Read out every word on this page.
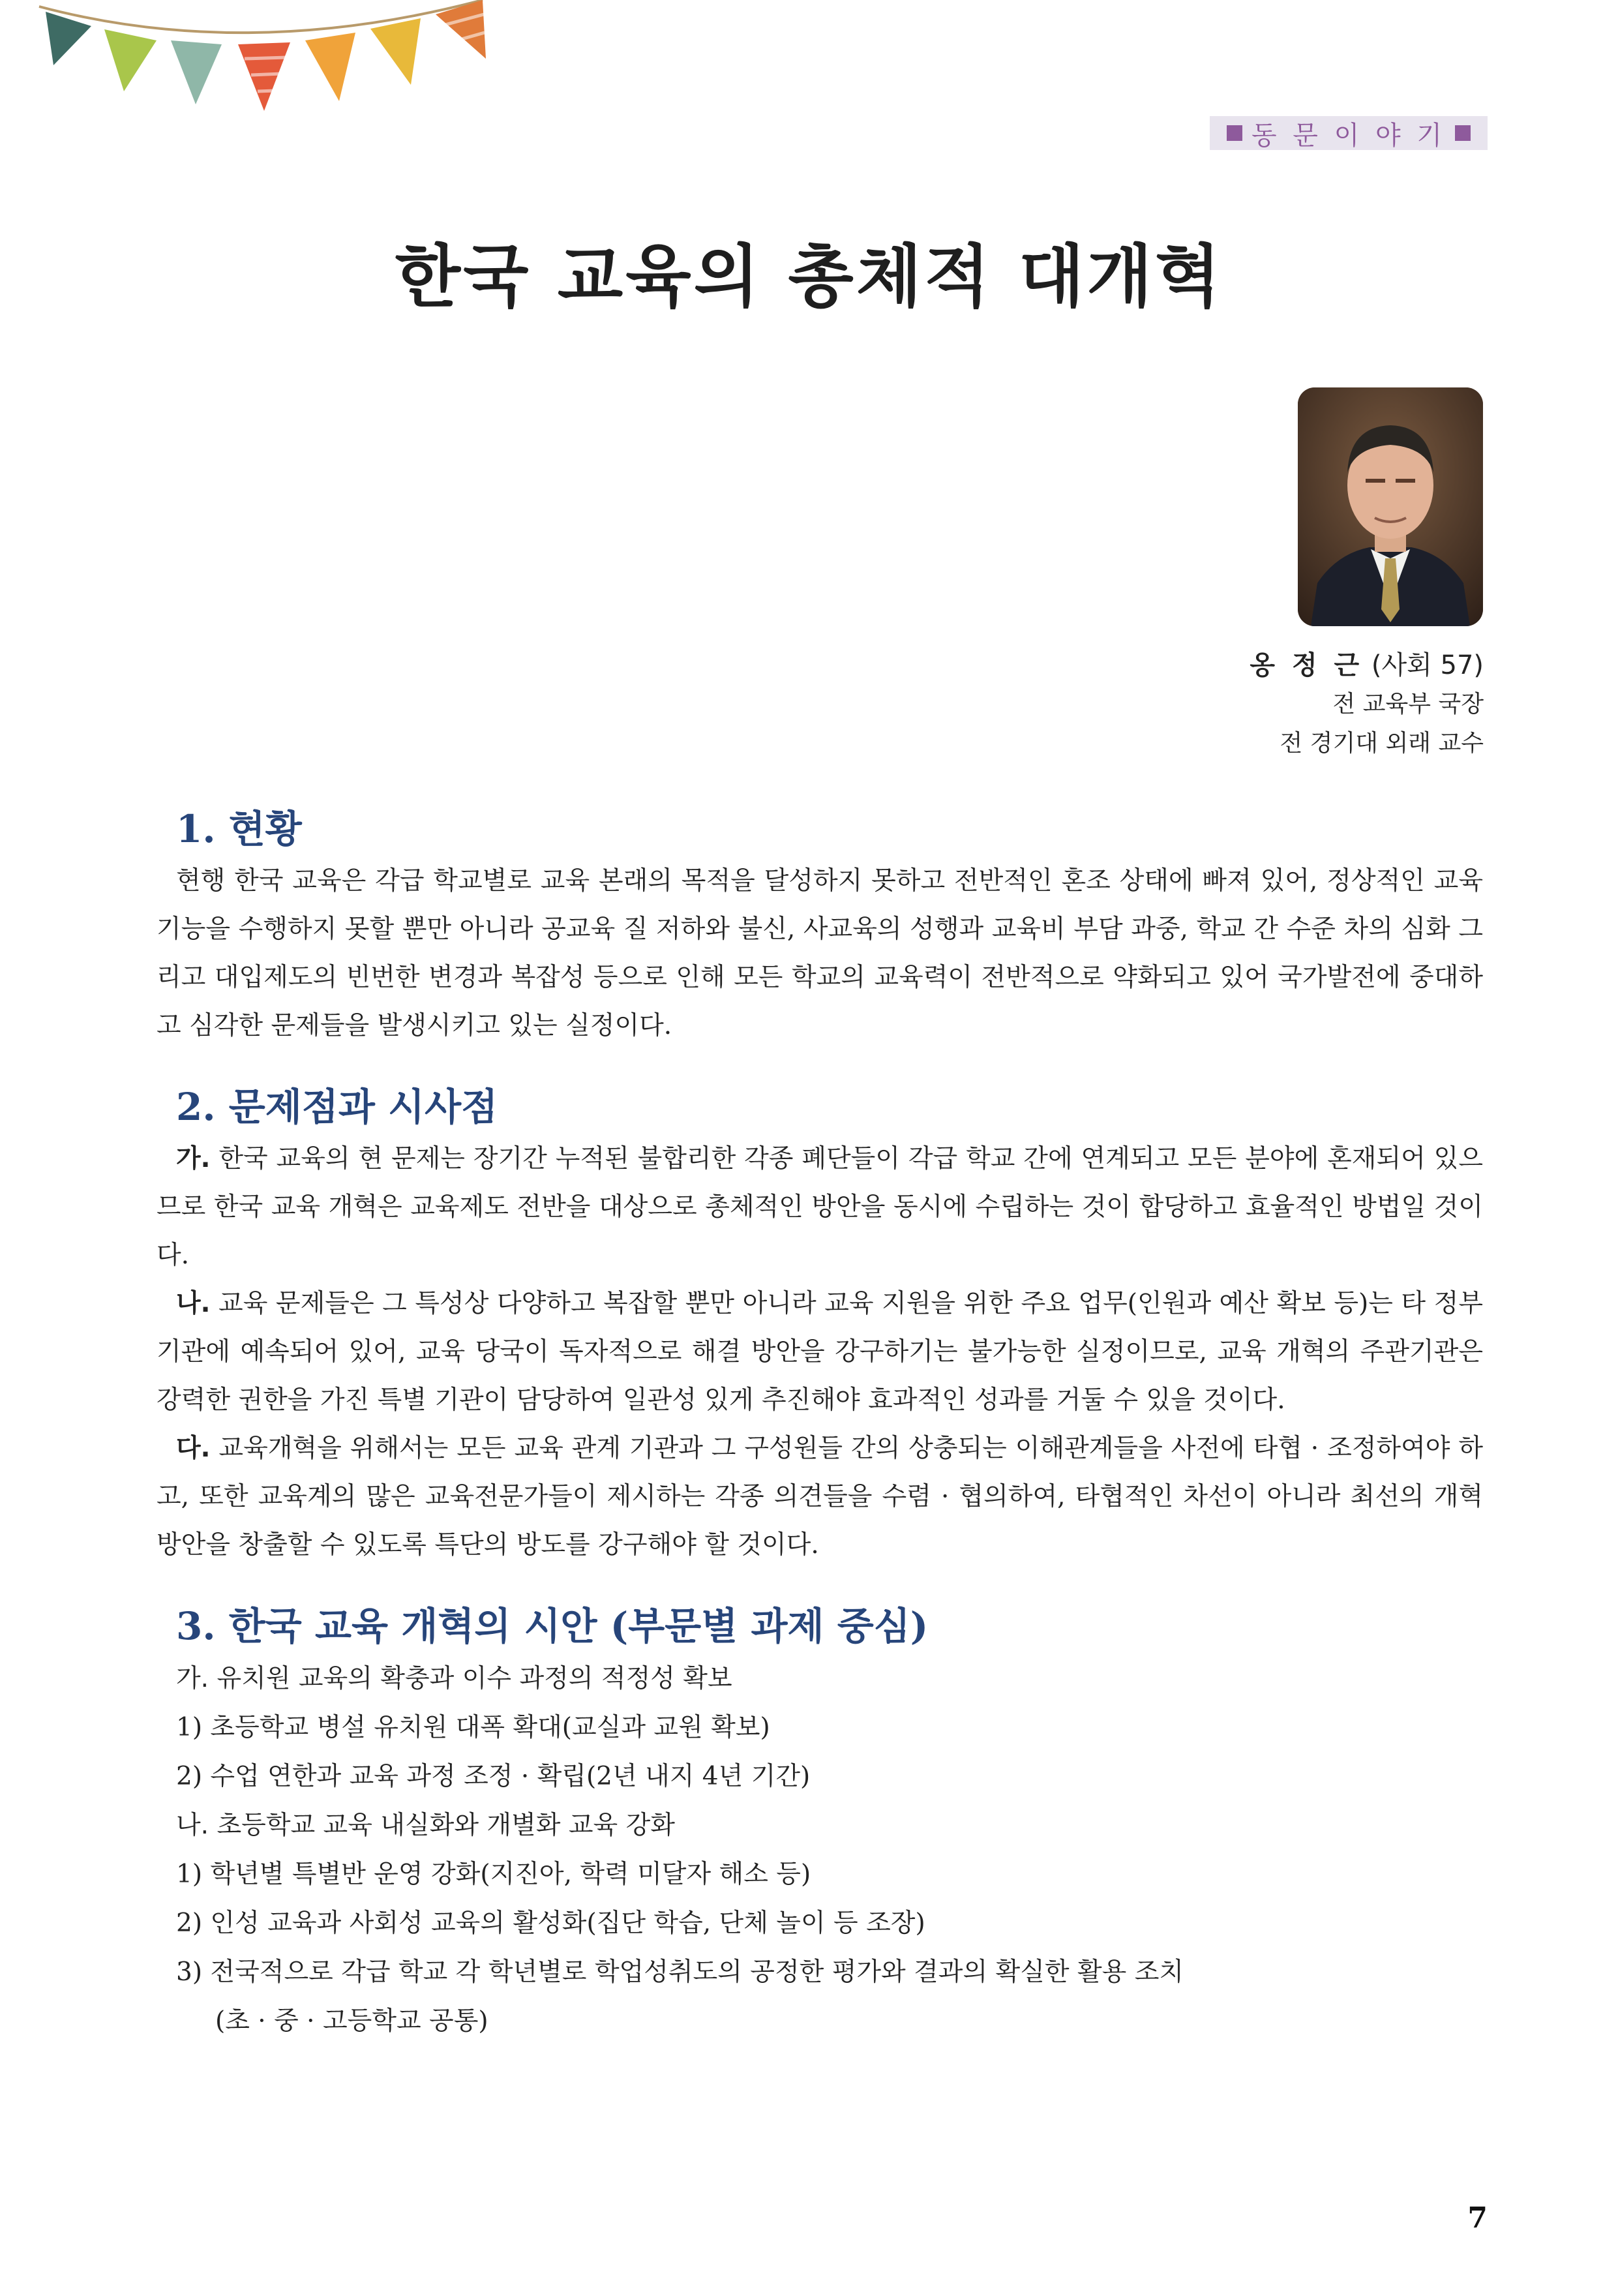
동 문 이 야 기
한국 교육의 총체적 대개혁
옹 정 근 (사회 57)
전 교육부 국장
전 경기대 외래 교수
1. 현황

현행 한국 교육은 각급 학교별로 교육 본래의 목적을 달성하지 못하고 전반적인 혼조 상태에 빠져 있어, 정상적인 교육 기능을 수행하지 못할 뿐만 아니라 공교육 질 저하와 불신, 사교육의 성행과 교육비 부담 과중, 학교 간 수준 차의 심화 그리고 대입제도의 빈번한 변경과 복잡성 등으로 인해 모든 학교의 교육력이 전반적으로 약화되고 있어 국가발전에 중대하고 심각한 문제들을 발생시키고 있는 실정이다.

2. 문제점과 시사점

가. 한국 교육의 현 문제는 장기간 누적된 불합리한 각종 폐단들이 각급 학교 간에 연계되고 모든 분야에 혼재되어 있으므로 한국 교육 개혁은 교육제도 전반을 대상으로 총체적인 방안을 동시에 수립하는 것이 합당하고 효율적인 방법일 것이다.

나. 교육 문제들은 그 특성상 다양하고 복잡할 뿐만 아니라 교육 지원을 위한 주요 업무(인원과 예산 확보 등)는 타 정부기관에 예속되어 있어, 교육 당국이 독자적으로 해결 방안을 강구하기는 불가능한 실정이므로, 교육 개혁의 주관기관은 강력한 권한을 가진 특별 기관이 담당하여 일관성 있게 추진해야 효과적인 성과를 거둘 수 있을 것이다.

다. 교육개혁을 위해서는 모든 교육 관계 기관과 그 구성원들 간의 상충되는 이해관계들을 사전에 타협 · 조정하여야 하고, 또한 교육계의 많은 교육전문가들이 제시하는 각종 의견들을 수렴 · 협의하여, 타협적인 차선이 아니라 최선의 개혁 방안을 창출할 수 있도록 특단의 방도를 강구해야 할 것이다.

3. 한국 교육 개혁의 시안 (부문별 과제 중심)
가. 유치원 교육의 확충과 이수 과정의 적정성 확보
1) 초등학교 병설 유치원 대폭 확대(교실과 교원 확보)
2) 수업 연한과 교육 과정 조정 · 확립(2년 내지 4년 기간)
나. 초등학교 교육 내실화와 개별화 교육 강화
1) 학년별 특별반 운영 강화(지진아, 학력 미달자 해소 등)
2) 인성 교육과 사회성 교육의 활성화(집단 학습, 단체 놀이 등 조장)
3) 전국적으로 각급 학교 각 학년별로 학업성취도의 공정한 평가와 결과의 확실한 활용 조치
(초 · 중 · 고등학교 공통)
7
